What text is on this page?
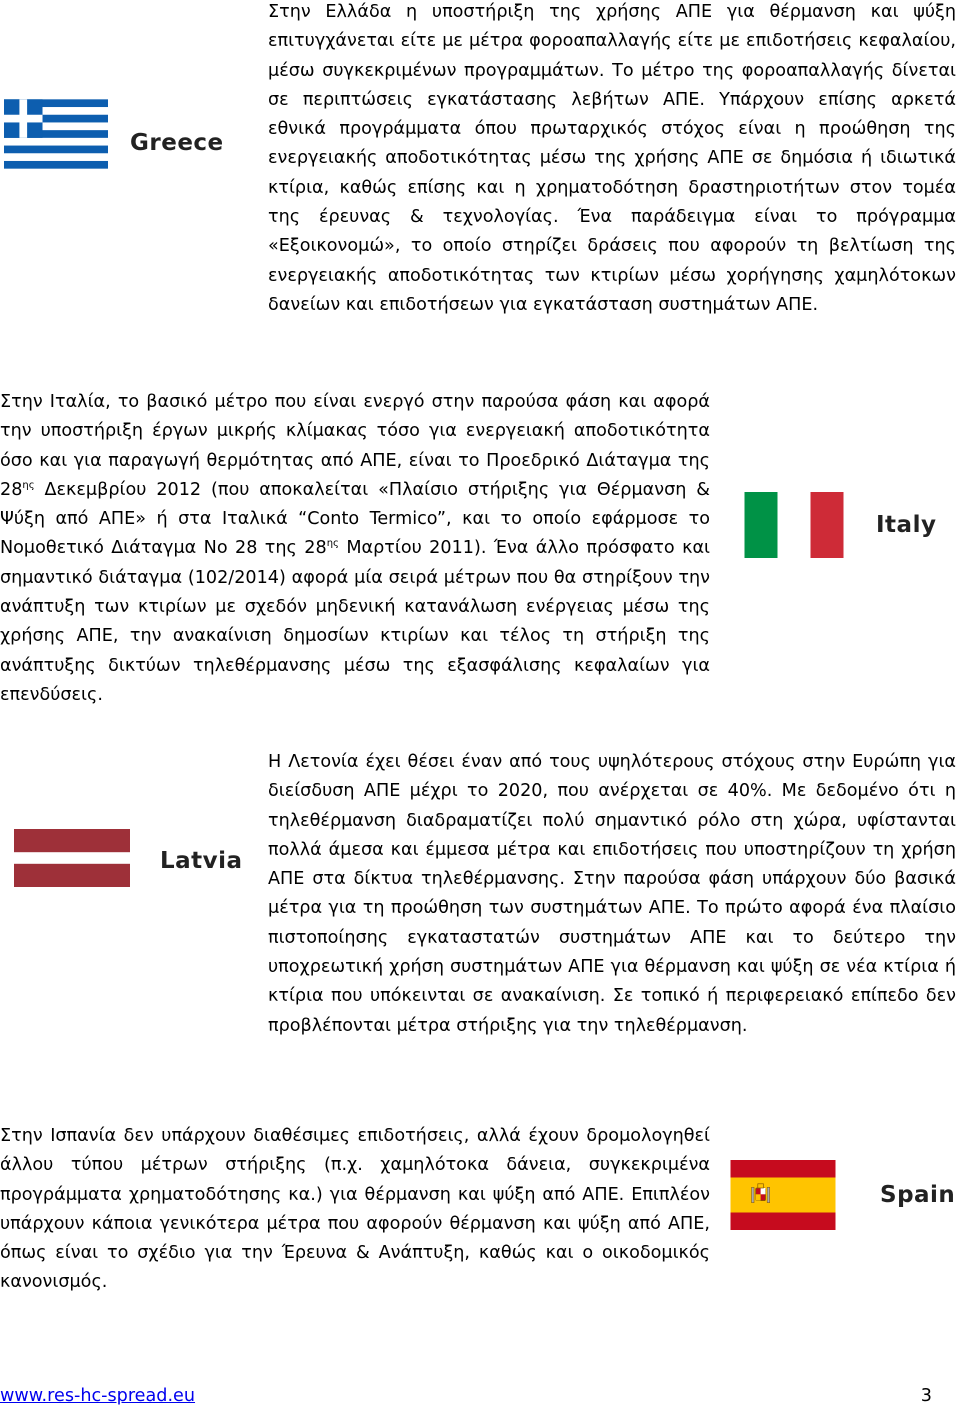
Greece

Στην Ελλάδα η υποστήριξη της χρήσης ΑΠΕ για θέρμανση και ψύξη επιτυγχάνεται είτε με μέτρα φοροαπαλλαγής είτε με επιδοτήσεις κεφαλαίου, μέσω συγκεκριμένων προγραμμάτων. Το μέτρο της φοροαπαλλαγής δίνεται σε περιπτώσεις εγκατάστασης λεβήτων ΑΠΕ. Υπάρχουν επίσης αρκετά εθνικά προγράμματα όπου πρωταρχικός στόχος είναι η προώθηση της ενεργειακής αποδοτικότητας μέσω της χρήσης ΑΠΕ σε δημόσια ή ιδιωτικά κτίρια, καθώς επίσης και η χρηματοδότηση δραστηριοτήτων στον τομέα της έρευνας & τεχνολογίας. Ένα παράδειγμα είναι το πρόγραμμα «Εξοικονομώ», το οποίο στηρίζει δράσεις που αφορούν τη βελτίωση της ενεργειακής αποδοτικότητας των κτιρίων μέσω χορήγησης χαμηλότοκων δανείων και επιδοτήσεων για εγκατάσταση συστημάτων ΑΠΕ.

Στην Ιταλία, το βασικό μέτρο που είναι ενεργό στην παρούσα φάση και αφορά την υποστήριξη έργων μικρής κλίμακας τόσο για ενεργειακή αποδοτικότητα όσο και για παραγωγή θερμότητας από ΑΠΕ, είναι το Προεδρικό Διάταγμα της $28^{\eta\varsigma}$ Δεκεμβρίου 2012 (που αποκαλείται «Πλαίσιο στήριξης για Θέρμανση & Ψύξη από ΑΠΕ» ή στα Ιταλικά “Conto Termico”, και το οποίο εφάρμοσε το Νομοθετικό Διάταγμα Νο 28 της $28^{\eta\varsigma}$ Μαρτίου 2011). Ένα άλλο πρόσφατο και σημαντικό διάταγμα (102/2014) αφορά μία σειρά μέτρων που θα στηρίξουν την ανάπτυξη των κτιρίων με σχεδόν μηδενική κατανάλωση ενέργειας μέσω της χρήσης ΑΠΕ, την ανακαίνιση δημοσίων κτιρίων και τέλος τη στήριξη της ανάπτυξης δικτύων τηλεθέρμανσης μέσω της εξασφάλισης κεφαλαίων για επενδύσεις.

Italy
Latvia

Η Λετονία έχει θέσει έναν από τους υψηλότερους στόχους στην Ευρώπη για διείσδυση ΑΠΕ μέχρι το 2020, που ανέρχεται σε 40%. Με δεδομένο ότι η τηλεθέρμανση διαδραματίζει πολύ σημαντικό ρόλο στη χώρα, υφίστανται πολλά άμεσα και έμμεσα μέτρα και επιδοτήσεις που υποστηρίζουν τη χρήση ΑΠΕ στα δίκτυα τηλεθέρμανσης. Στην παρούσα φάση υπάρχουν δύο βασικά μέτρα για τη προώθηση των συστημάτων ΑΠΕ. Το πρώτο αφορά ένα πλαίσιο πιστοποίησης εγκαταστατών συστημάτων ΑΠΕ και το δεύτερο την υποχρεωτική χρήση συστημάτων ΑΠΕ για θέρμανση και ψύξη σε νέα κτίρια ή κτίρια που υπόκεινται σε ανακαίνιση. Σε τοπικό ή περιφερειακό επίπεδο δεν προβλέπονται μέτρα στήριξης για την τηλεθέρμανση.

Στην Ισπανία δεν υπάρχουν διαθέσιμες επιδοτήσεις, αλλά έχουν δρομολογηθεί άλλου τύπου μέτρων στήριξης (π.χ. χαμηλότοκα δάνεια, συγκεκριμένα προγράμματα χρηματοδότησης κα.) για θέρμανση και ψύξη από ΑΠΕ. Επιπλέον υπάρχουν κάποια γενικότερα μέτρα που αφορούν θέρμανση και ψύξη από ΑΠΕ, όπως είναι το σχέδιο για την Έρευνα & Ανάπτυξη, καθώς και ο οικοδομικός κανονισμός.

Spain
www.res-hc-spread.eu	3
